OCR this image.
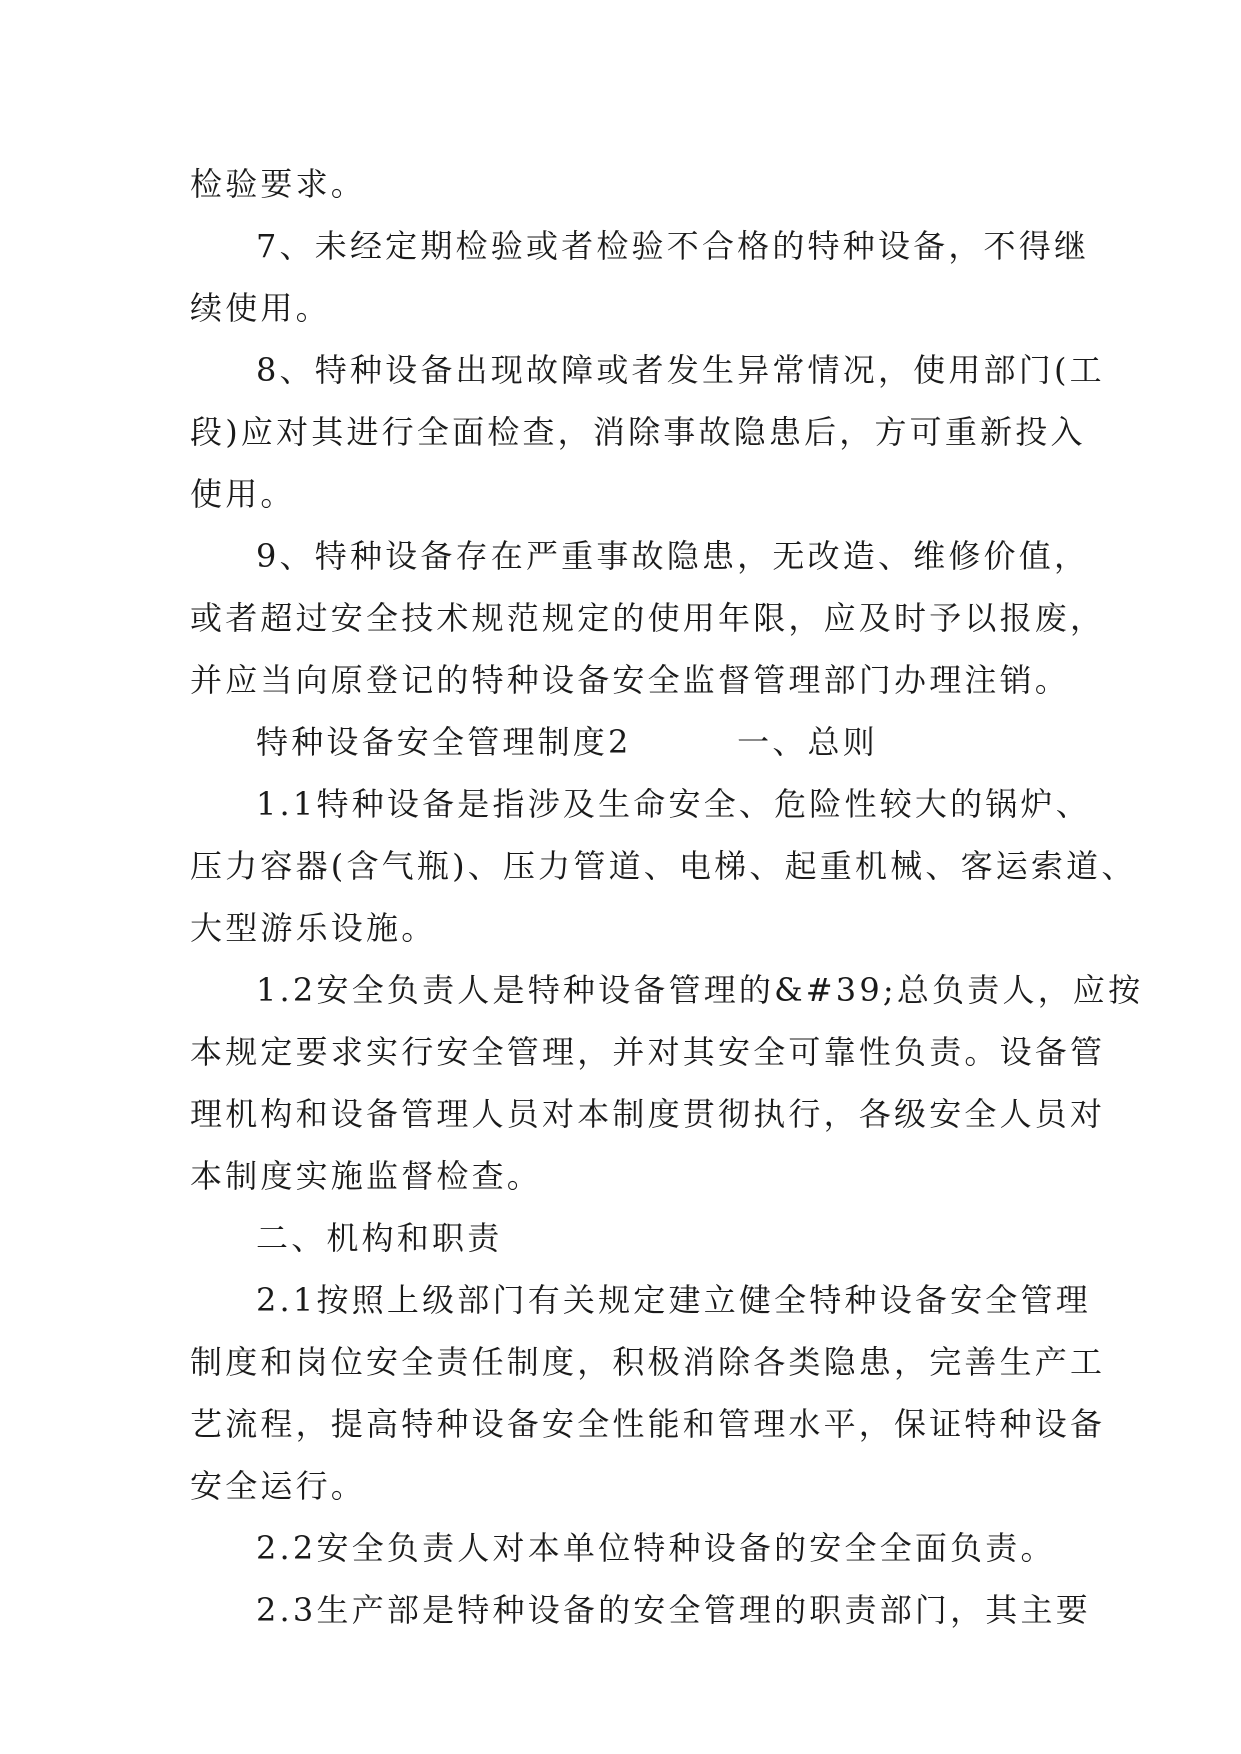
检验要求。

7、未经定期检验或者检验不合格的特种设备，不得继

续使用。

8、特种设备出现故障或者发生异常情况，使用部门(工

段)应对其进行全面检查，消除事故隐患后，方可重新投入

使用。

9、特种设备存在严重事故隐患，无改造、维修价值，

或者超过安全技术规范规定的使用年限，应及时予以报废，

并应当向原登记的特种设备安全监督管理部门办理注销。

特种设备安全管理制度2　　　一、总则

1.1特种设备是指涉及生命安全、危险性较大的锅炉、

压力容器(含气瓶)、压力管道、电梯、起重机械、客运索道、

大型游乐设施。

1.2安全负责人是特种设备管理的&#39;总负责人，应按

本规定要求实行安全管理，并对其安全可靠性负责。设备管

理机构和设备管理人员对本制度贯彻执行，各级安全人员对

本制度实施监督检查。

二、机构和职责

2.1按照上级部门有关规定建立健全特种设备安全管理

制度和岗位安全责任制度，积极消除各类隐患，完善生产工

艺流程，提高特种设备安全性能和管理水平，保证特种设备

安全运行。

2.2安全负责人对本单位特种设备的安全全面负责。

2.3生产部是特种设备的安全管理的职责部门，其主要
